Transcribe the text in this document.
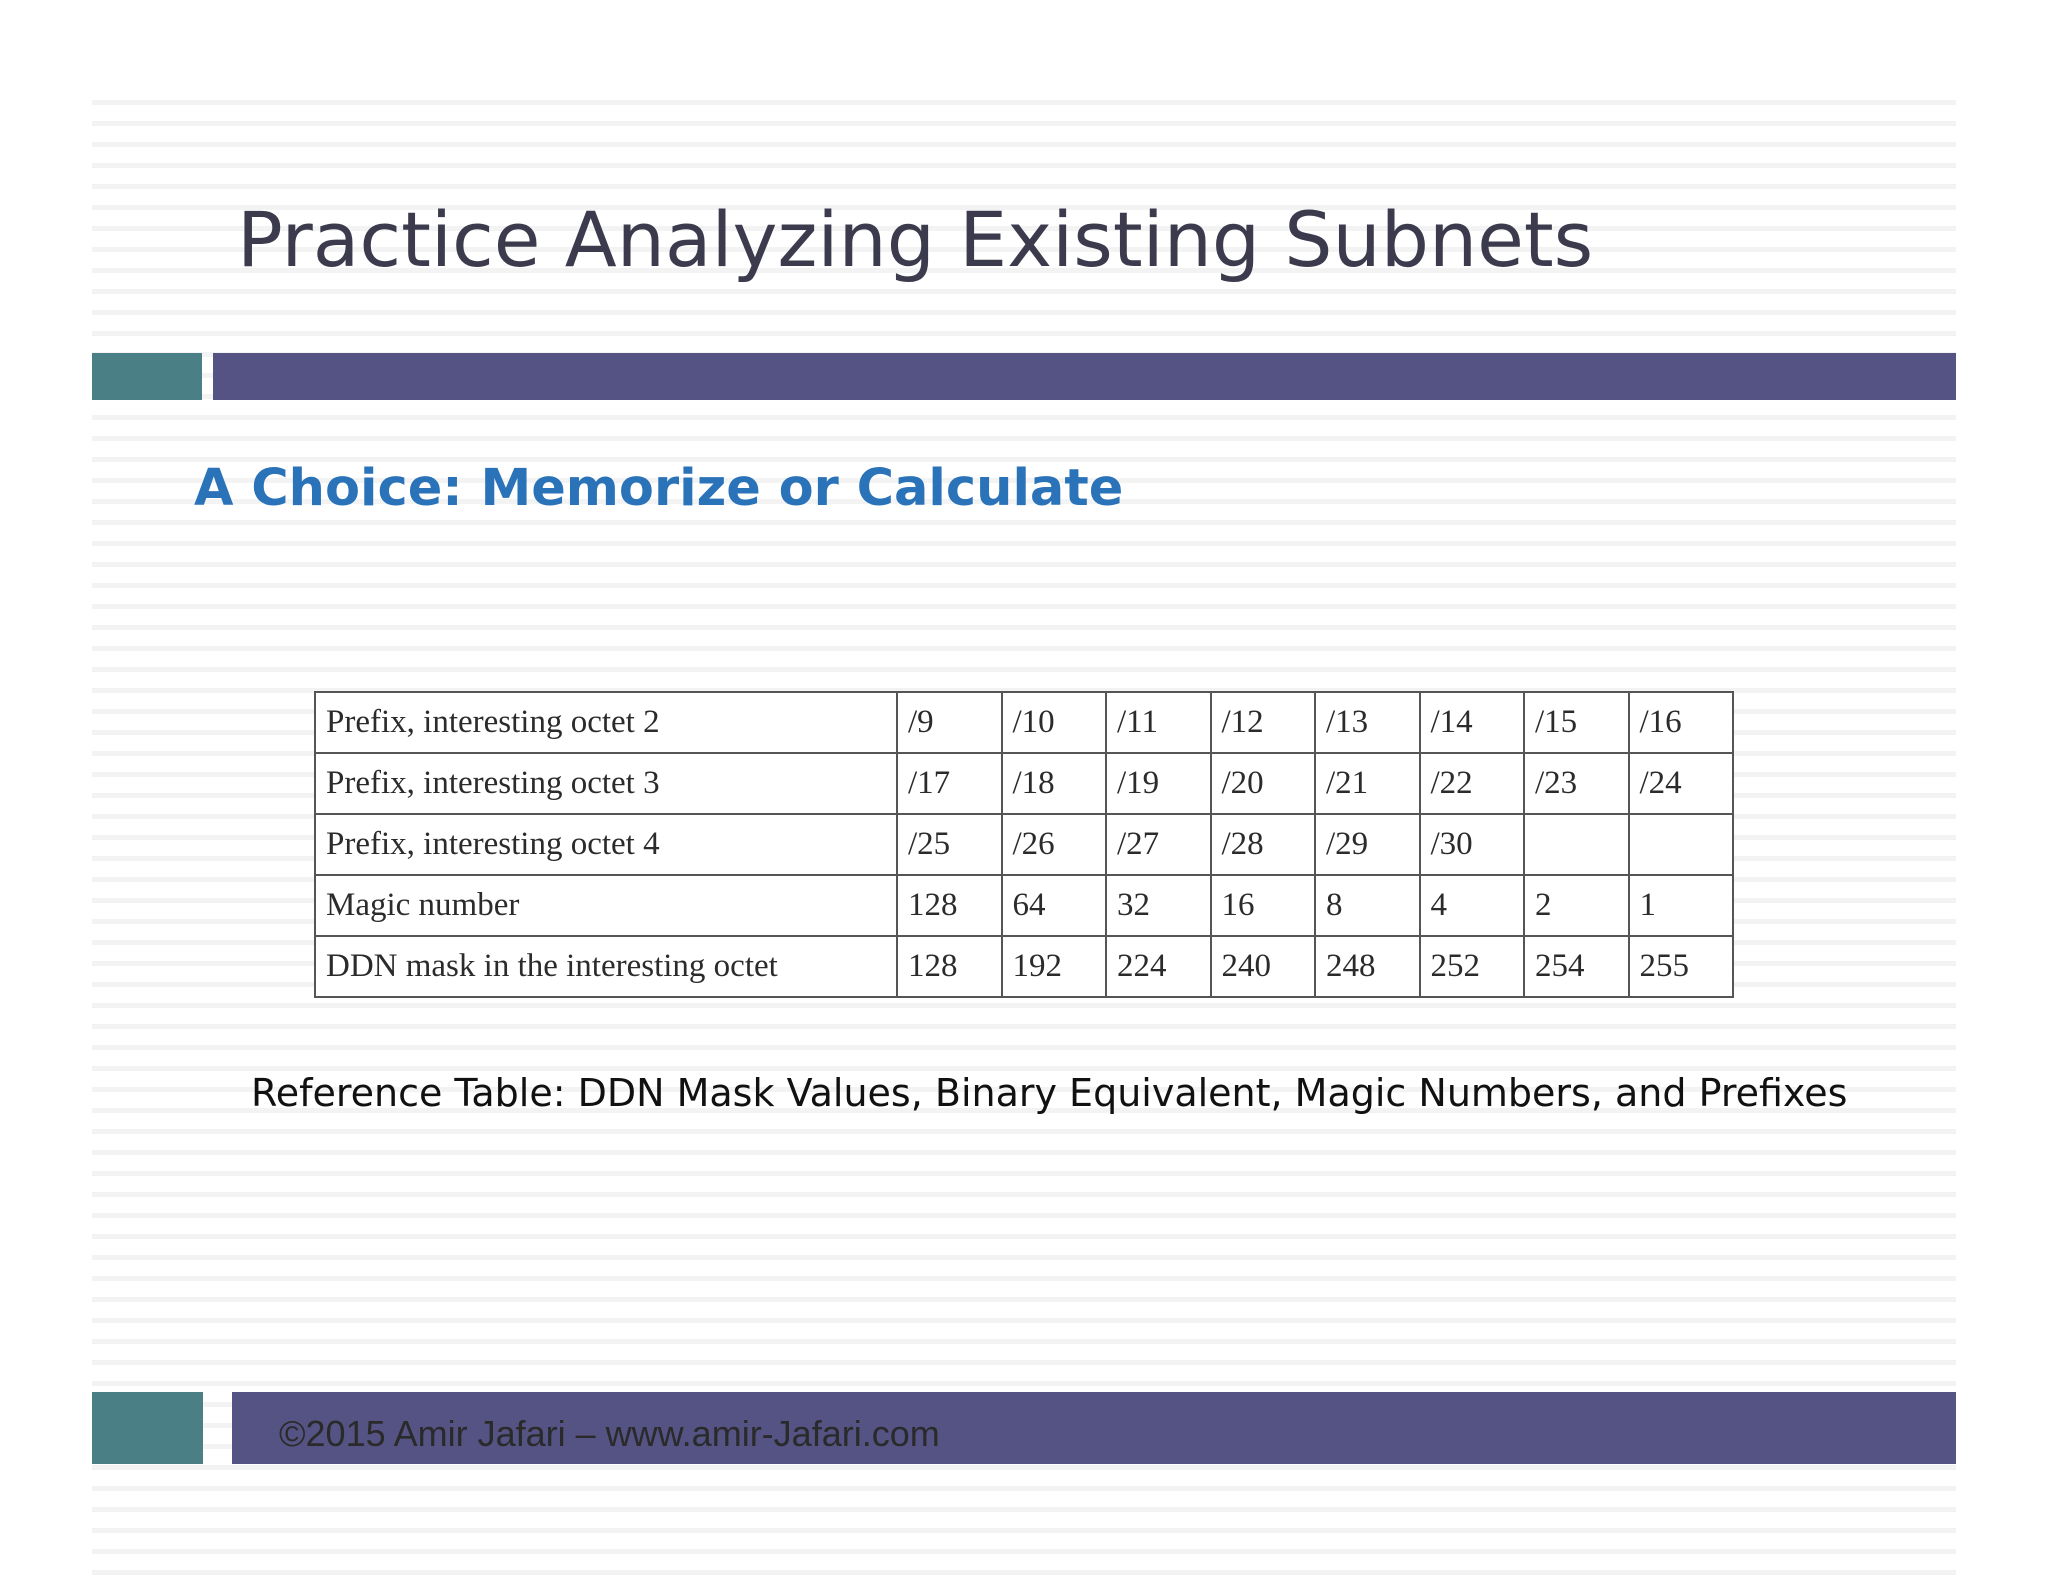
Practice Analyzing Existing Subnets
A Choice: Memorize or Calculate
Prefix, interesting octet 2	/9	/10	/11	/12	/13	/14	/15	/16
Prefix, interesting octet 3	/17	/18	/19	/20	/21	/22	/23	/24
Prefix, interesting octet 4	/25	/26	/27	/28	/29	/30		
Magic number	128	64	32	16	8	4	2	1
DDN mask in the interesting octet	128	192	224	240	248	252	254	255
Reference Table: DDN Mask Values, Binary Equivalent, Magic Numbers, and Prefixes
©2015 Amir Jafari – www.amir-Jafari.com
